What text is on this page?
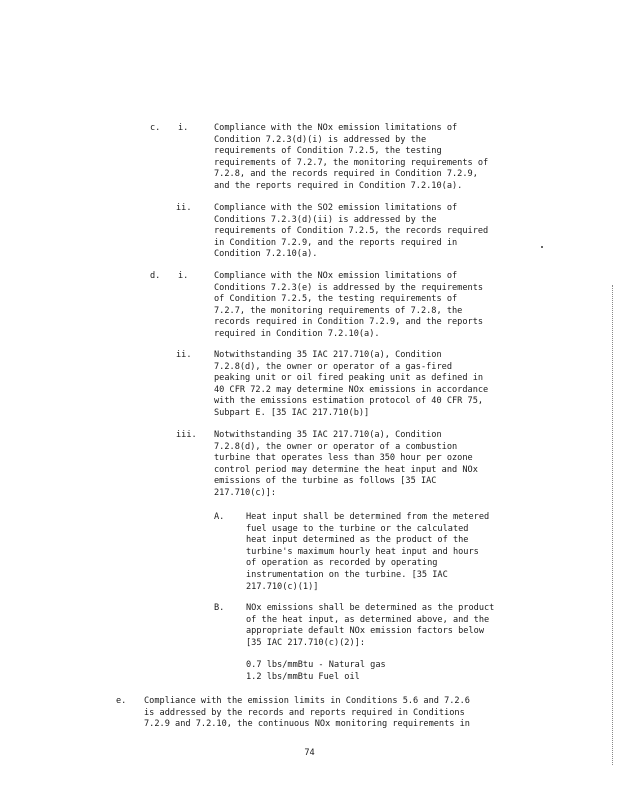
c. i.	Compliance with the NOx emission limitations of
Condition 7.2.3(d)(i) is addressed by the
requirements of Condition 7.2.5, the testing
requirements of 7.2.7, the monitoring requirements of
7.2.8, and the records required in Condition 7.2.9,
and the reports required in Condition 7.2.10(a).
ii.	Compliance with the SO2 emission limitations of
Conditions 7.2.3(d)(ii) is addressed by the
requirements of Condition 7.2.5, the records required
in Condition 7.2.9, and the reports required in
Condition 7.2.10(a).
d. i.	Compliance with the NOx emission limitations of
Conditions 7.2.3(e) is addressed by the requirements
of Condition 7.2.5, the testing requirements of
7.2.7, the monitoring requirements of 7.2.8, the
records required in Condition 7.2.9, and the reports
required in Condition 7.2.10(a).
ii.	Notwithstanding 35 IAC 217.710(a), Condition
7.2.8(d), the owner or operator of a gas-fired
peaking unit or oil fired peaking unit as defined in
40 CFR 72.2 may determine NOx emissions in accordance
with the emissions estimation protocol of 40 CFR 75,
Subpart E. [35 IAC 217.710(b)]
iii. Notwithstanding 35 IAC 217.710(a), Condition
7.2.8(d), the owner or operator of a combustion
turbine that operates less than 350 hour per ozone
control period may determine the heat input and NOx
emissions of the turbine as follows [35 IAC
217.710(c)]:
A.	Heat input shall be determined from the metered
fuel usage to the turbine or the calculated
heat input determined as the product of the
turbine's maximum hourly heat input and hours
of operation as recorded by operating
instrumentation on the turbine. [35 IAC
217.710(c)(1)]
B.	NOx emissions shall be determined as the product
of the heat input, as determined above, and the
appropriate default NOx emission factors below
[35 IAC 217.710(c)(2)]:
0.7 lbs/mmBtu - Natural gas
1.2 lbs/mmBtu Fuel oil
e. Compliance with the emission limits in Conditions 5.6 and 7.2.6
is addressed by the records and reports required in Conditions
7.2.9 and 7.2.10, the continuous NOx monitoring requirements in
74
